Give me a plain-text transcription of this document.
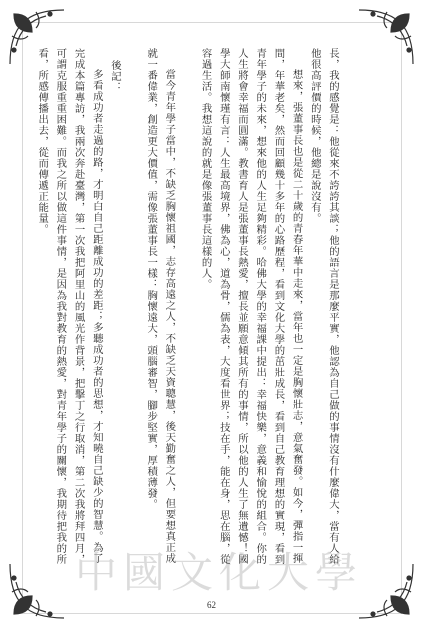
長，我的感覺是：他從來不誇誇其談；他的語言是那麼平實，他認為自己做的事情沒有什麼偉大，當有人給他很高評價的時候，他總是說沒有。

想來，張董事長也是從二十歲的青春年華中走來，當年也一定是胸懷壯志，意氣奮發。如今，彈指一揮間，年華老矣，然而回顧幾十多年的心路歷程，看到文化大學的茁壯成長，看到自己教育理想的實現，看到青年學子的未來，想來他的人生足夠精彩。哈佛大學的幸福課中提出：幸福快樂，意義和愉悅的組合。你的人生將會幸福而圓滿。教書育人是張董事長熱愛，擅長並願意傾其所有的事情，所以他的人生了無遺憾！國學大師南懷瑾有言：人生最高境界，佛為心，道為骨，儒為表，大度看世界；技在手，能在身，思在腦，從容過生活。我想這說的就是像張董事長這樣的人。

當今青年學子當中，不缺乏胸懷祖國，志存高遠之人，不缺乏天資聰慧，後天勤奮之人，但要想真正成就一番偉業，創造更大價值，需像張董事長一樣：胸懷遠大，頭腦審智，腳步堅實，厚積薄發。

後記：

多看成功者走過的路，才明白自己距離成功的差距；多聽成功者的思想，才知曉自己缺少的智慧。為了完成本篇專訪，我兩次奔赴臺灣，第一次我把阿里山的風光作背景，把擊丁之行取消，第二次我將拜四月，可謂克服重重困難。而我之所以做這件事情，是因為我對教育的熱愛，對青年學子的關懷，我期待把我的所看，所感傳播出去，從而傳遞正能量。

中國文化大學
62
